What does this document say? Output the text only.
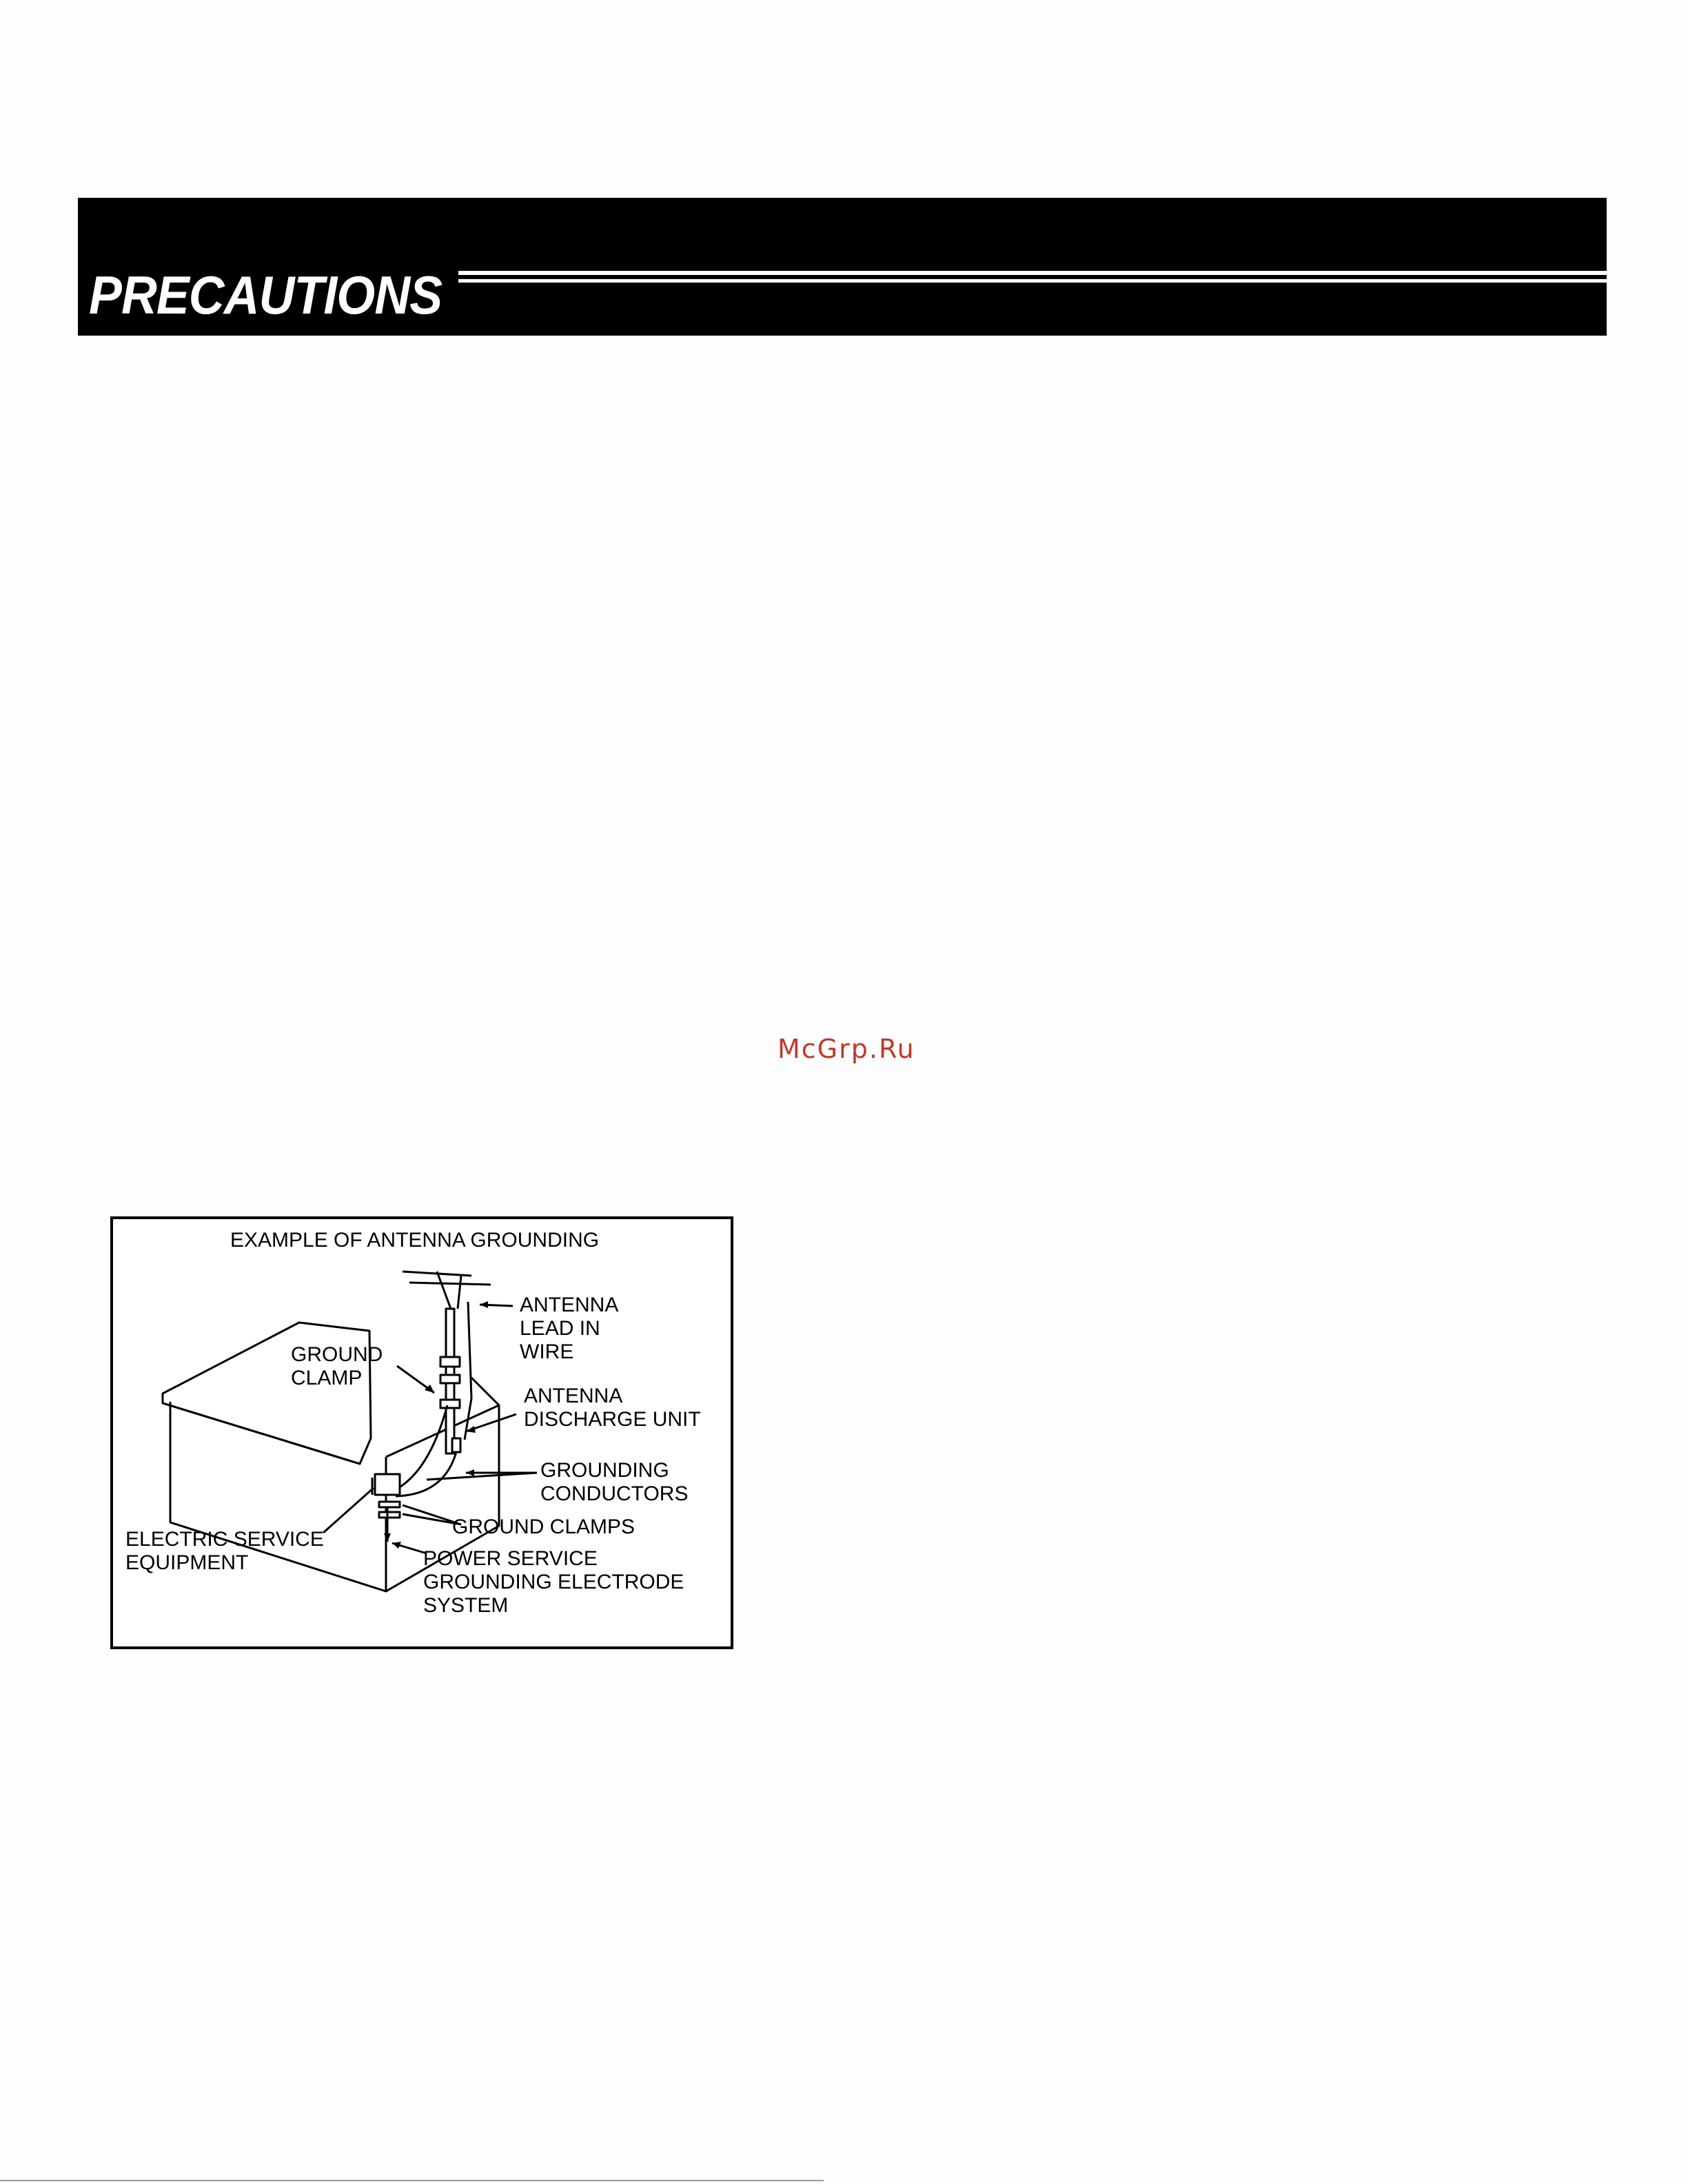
PRECAUTIONS
McGrp.Ru
EXAMPLE OF ANTENNA GROUNDING
ANTENNA
LEAD IN
WIRE
GROUND
CLAMP
ANTENNA
DISCHARGE UNIT
GROUNDING
CONDUCTORS
GROUND CLAMPS
ELECTRIC SERVICE
EQUIPMENT	POWER SERVICE
GROUNDING ELECTRODE
SYSTEM
